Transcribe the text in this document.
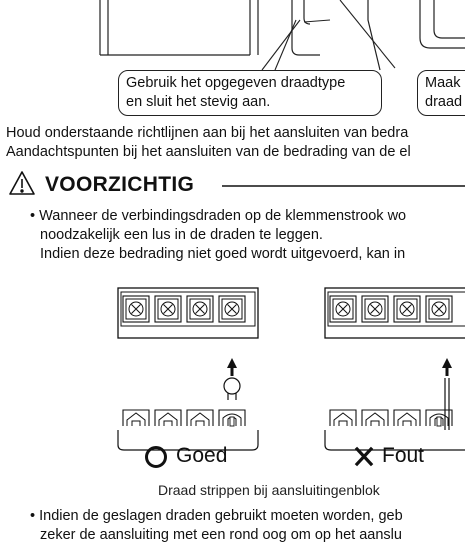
Gebruik het opgegeven draadtype
en sluit het stevig aan.
Maak
draad
Houd onderstaande richtlijnen aan bij het aansluiten van bedra
Aandachtspunten bij het aansluiten van de bedrading van de el
VOORZICHTIG
• Wanneer de verbindingsdraden op de klemmenstrook wo
noodzakelijk een lus in de draden te leggen.
Indien deze bedrading niet goed wordt uitgevoerd, kan in
Goed	Fout
Draad strippen bij aansluitingenblok
• Indien de geslagen draden gebruikt moeten worden, geb
zeker de aansluiting met een rond oog om op het aanslu
